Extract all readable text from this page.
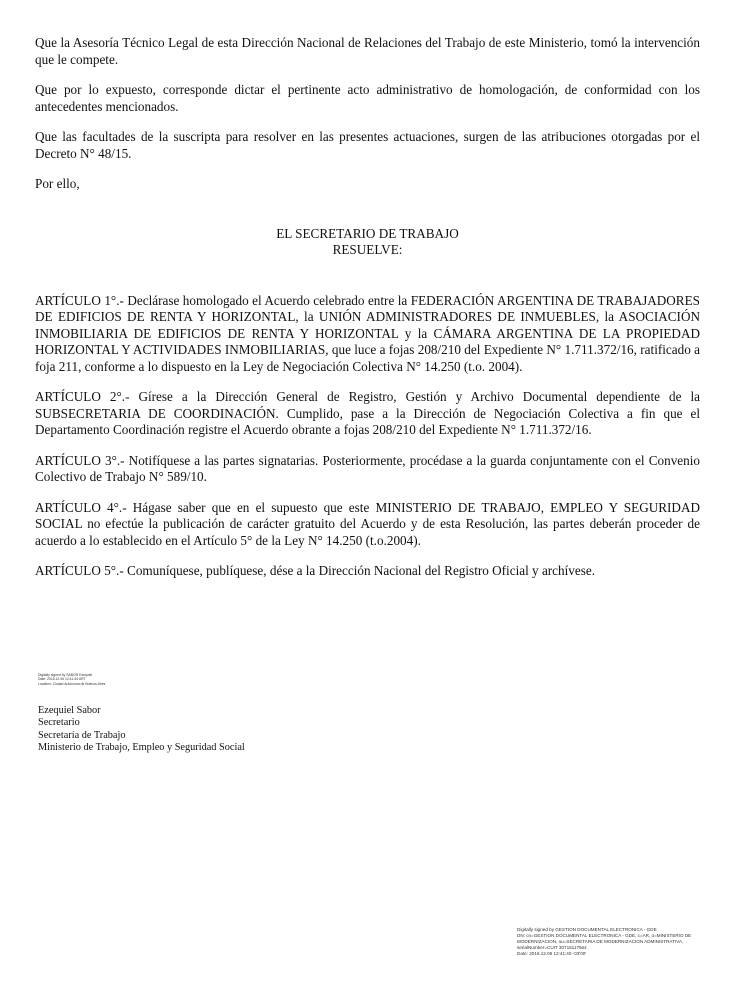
Que la Asesoría Técnico Legal de esta Dirección Nacional de Relaciones del Trabajo de este Ministerio, tomó la intervención que le compete.

Que por lo expuesto, corresponde dictar el pertinente acto administrativo de homologación, de conformidad con los antecedentes mencionados.

Que las facultades de la suscripta para resolver en las presentes actuaciones, surgen de las atribuciones otorgadas por el Decreto N° 48/15.

Por ello,

EL SECRETARIO DE TRABAJO
RESUELVE:

ARTÍCULO 1°.- Declárase homologado el Acuerdo celebrado entre la FEDERACIÓN ARGENTINA DE TRABAJADORES DE EDIFICIOS DE RENTA Y HORIZONTAL, la UNIÓN ADMINISTRADORES DE INMUEBLES, la ASOCIACIÓN INMOBILIARIA DE EDIFICIOS DE RENTA Y HORIZONTAL y la CÁMARA ARGENTINA DE LA PROPIEDAD HORIZONTAL Y ACTIVIDADES INMOBILIARIAS, que luce a fojas 208/210 del Expediente N° 1.711.372/16, ratificado a foja 211, conforme a lo dispuesto en la Ley de Negociación Colectiva N° 14.250 (t.o. 2004).

ARTÍCULO 2°.- Gírese a la Dirección General de Registro, Gestión y Archivo Documental dependiente de la SUBSECRETARIA DE COORDINACIÓN. Cumplido, pase a la Dirección de Negociación Colectiva a fin que el Departamento Coordinación registre el Acuerdo obrante a fojas 208/210 del Expediente N° 1.711.372/16.

ARTÍCULO 3°.- Notifíquese a las partes signatarias. Posteriormente, procédase a la guarda conjuntamente con el Convenio Colectivo de Trabajo N° 589/10.

ARTÍCULO 4°.- Hágase saber que en el supuesto que este MINISTERIO DE TRABAJO, EMPLEO Y SEGURIDAD SOCIAL no efectúe la publicación de carácter gratuito del Acuerdo y de esta Resolución, las partes deberán proceder de acuerdo a lo establecido en el Artículo 5° de la Ley N° 14.250 (t.o.2004).

ARTÍCULO 5°.- Comuníquese, publíquese, dése a la Dirección Nacional del Registro Oficial y archívese.

Digitally signed by SABOR Ezequiel
Date: 2016.12.06 12:41:44 ART
Location: Ciudad Autónoma de Buenos Aires
Ezequiel Sabor
Secretario
Secretaría de Trabajo
Ministerio de Trabajo, Empleo y Seguridad Social
Digitally signed by GESTION DOCUMENTAL ELECTRONICA - GDE
DN: cn=GESTION DOCUMENTAL ELECTRONICA - GDE, c=AR, o=MINISTERIO DE MODERNIZACION, ou=SECRETARIA DE MODERNIZACION ADMINISTRATIVA, serialNumber=CUIT 30715117564
Date: 2016.12.06 12:41:40 -03'00'
